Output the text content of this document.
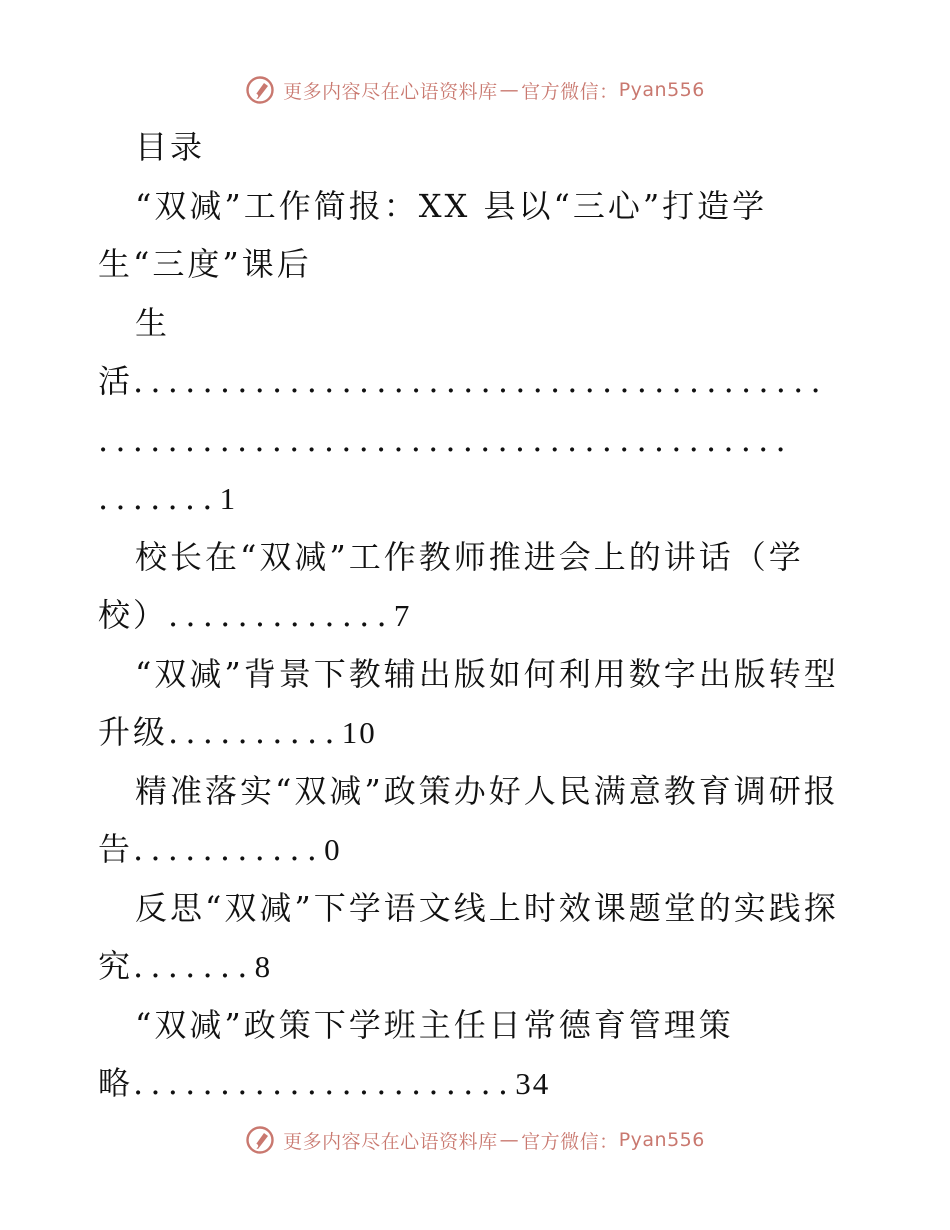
更多内容尽在心语资料库 — 官方微信： Pyan556
目录
“双减”工作简报：XX 县以“三心”打造学
生“三度”课后
生
活........................................
........................................
.......1
校长在“双减”工作教师推进会上的讲话（学
校）.............7
“双减”背景下教辅出版如何利用数字出版转型
升级..........10
精准落实“双减”政策办好人民满意教育调研报
告...........0
反思“双减”下学语文线上时效课题堂的实践探
究.......8
“双减”政策下学班主任日常德育管理策
略......................34
更多内容尽在心语资料库 — 官方微信： Pyan556
